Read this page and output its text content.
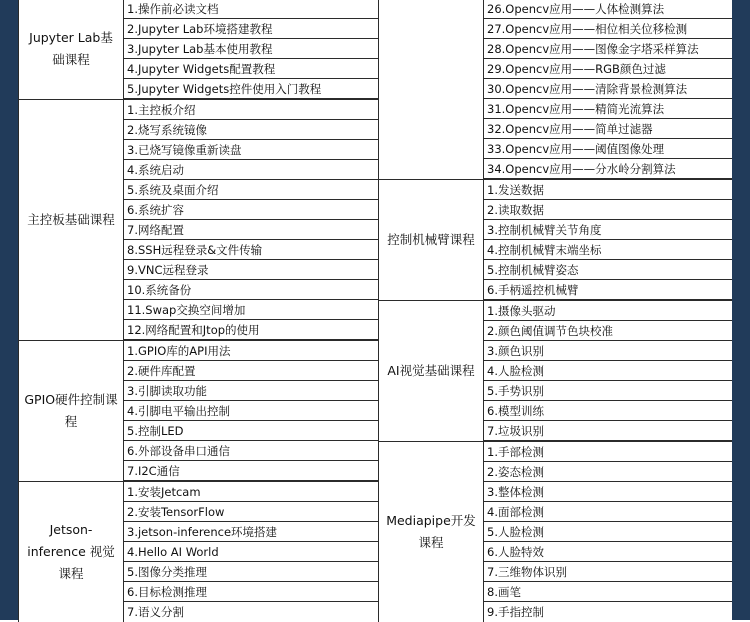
Jupyter Lab基础课程
1.操作前必读文档
2.Jupyter Lab环境搭建教程
3.Jupyter Lab基本使用教程
4.Jupyter Widgets配置教程
5.Jupyter Widgets控件使用入门教程
主控板基础课程
1.主控板介绍
2.烧写系统镜像
3.已烧写镜像重新读盘
4.系统启动
5.系统及桌面介绍
6.系统扩容
7.网络配置
8.SSH远程登录&文件传输
9.VNC远程登录
10.系统备份
11.Swap交换空间增加
12.网络配置和Jtop的使用
GPIO硬件控制课程
1.GPIO库的API用法
2.硬件库配置
3.引脚读取功能
4.引脚电平输出控制
5.控制LED
6.外部设备串口通信
7.I2C通信
Jetson-inference 视觉课程
1.安装Jetcam
2.安装TensorFlow
3.jetson-inference环境搭建
4.Hello AI World
5.图像分类推理
6.目标检测推理
7.语义分割
26.Opencv应用——人体检测算法
27.Opencv应用——相位相关位移检测
28.Opencv应用——图像金字塔采样算法
29.Opencv应用——RGB颜色过滤
30.Opencv应用——清除背景检测算法
31.Opencv应用——精简光流算法
32.Opencv应用——简单过滤器
33.Opencv应用——阈值图像处理
34.Opencv应用——分水岭分割算法
控制机械臂课程
1.发送数据
2.读取数据
3.控制机械臂关节角度
4.控制机械臂末端坐标
5.控制机械臂姿态
6.手柄遥控机械臂
AI视觉基础课程
1.摄像头驱动
2.颜色阈值调节色块校准
3.颜色识别
4.人脸检测
5.手势识别
6.模型训练
7.垃圾识别
Mediapipe开发课程
1.手部检测
2.姿态检测
3.整体检测
4.面部检测
5.人脸检测
6.人脸特效
7.三维物体识别
8.画笔
9.手指控制
